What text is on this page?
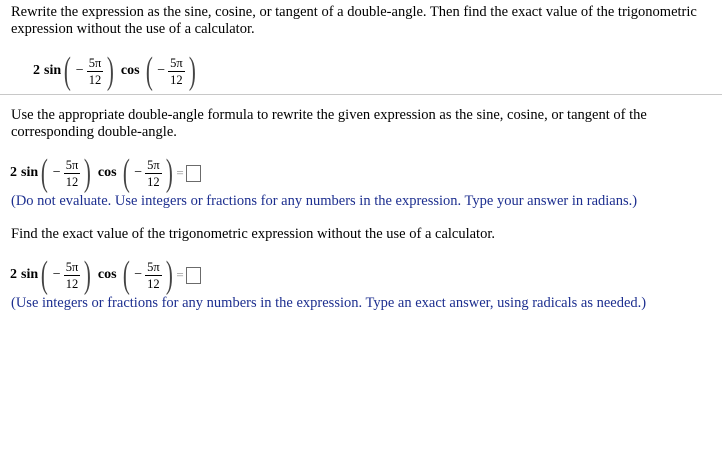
Rewrite the expression as the sine, cosine, or tangent of a double-angle. Then find the exact value of the trigonometric expression without the use of a calculator.
2 sin ( − $\frac{5\pi}{12}$ ) cos ( − $\frac{5\pi}{12}$ )
Use the appropriate double-angle formula to rewrite the given expression as the sine, cosine, or tangent of the corresponding double-angle.
2 sin ( − $\frac{5\pi}{12}$ ) cos ( − $\frac{5\pi}{12}$ ) =
(Do not evaluate. Use integers or fractions for any numbers in the expression. Type your answer in radians.)
Find the exact value of the trigonometric expression without the use of a calculator.
2 sin ( − $\frac{5\pi}{12}$ ) cos ( − $\frac{5\pi}{12}$ ) =
(Use integers or fractions for any numbers in the expression. Type an exact answer, using radicals as needed.)
